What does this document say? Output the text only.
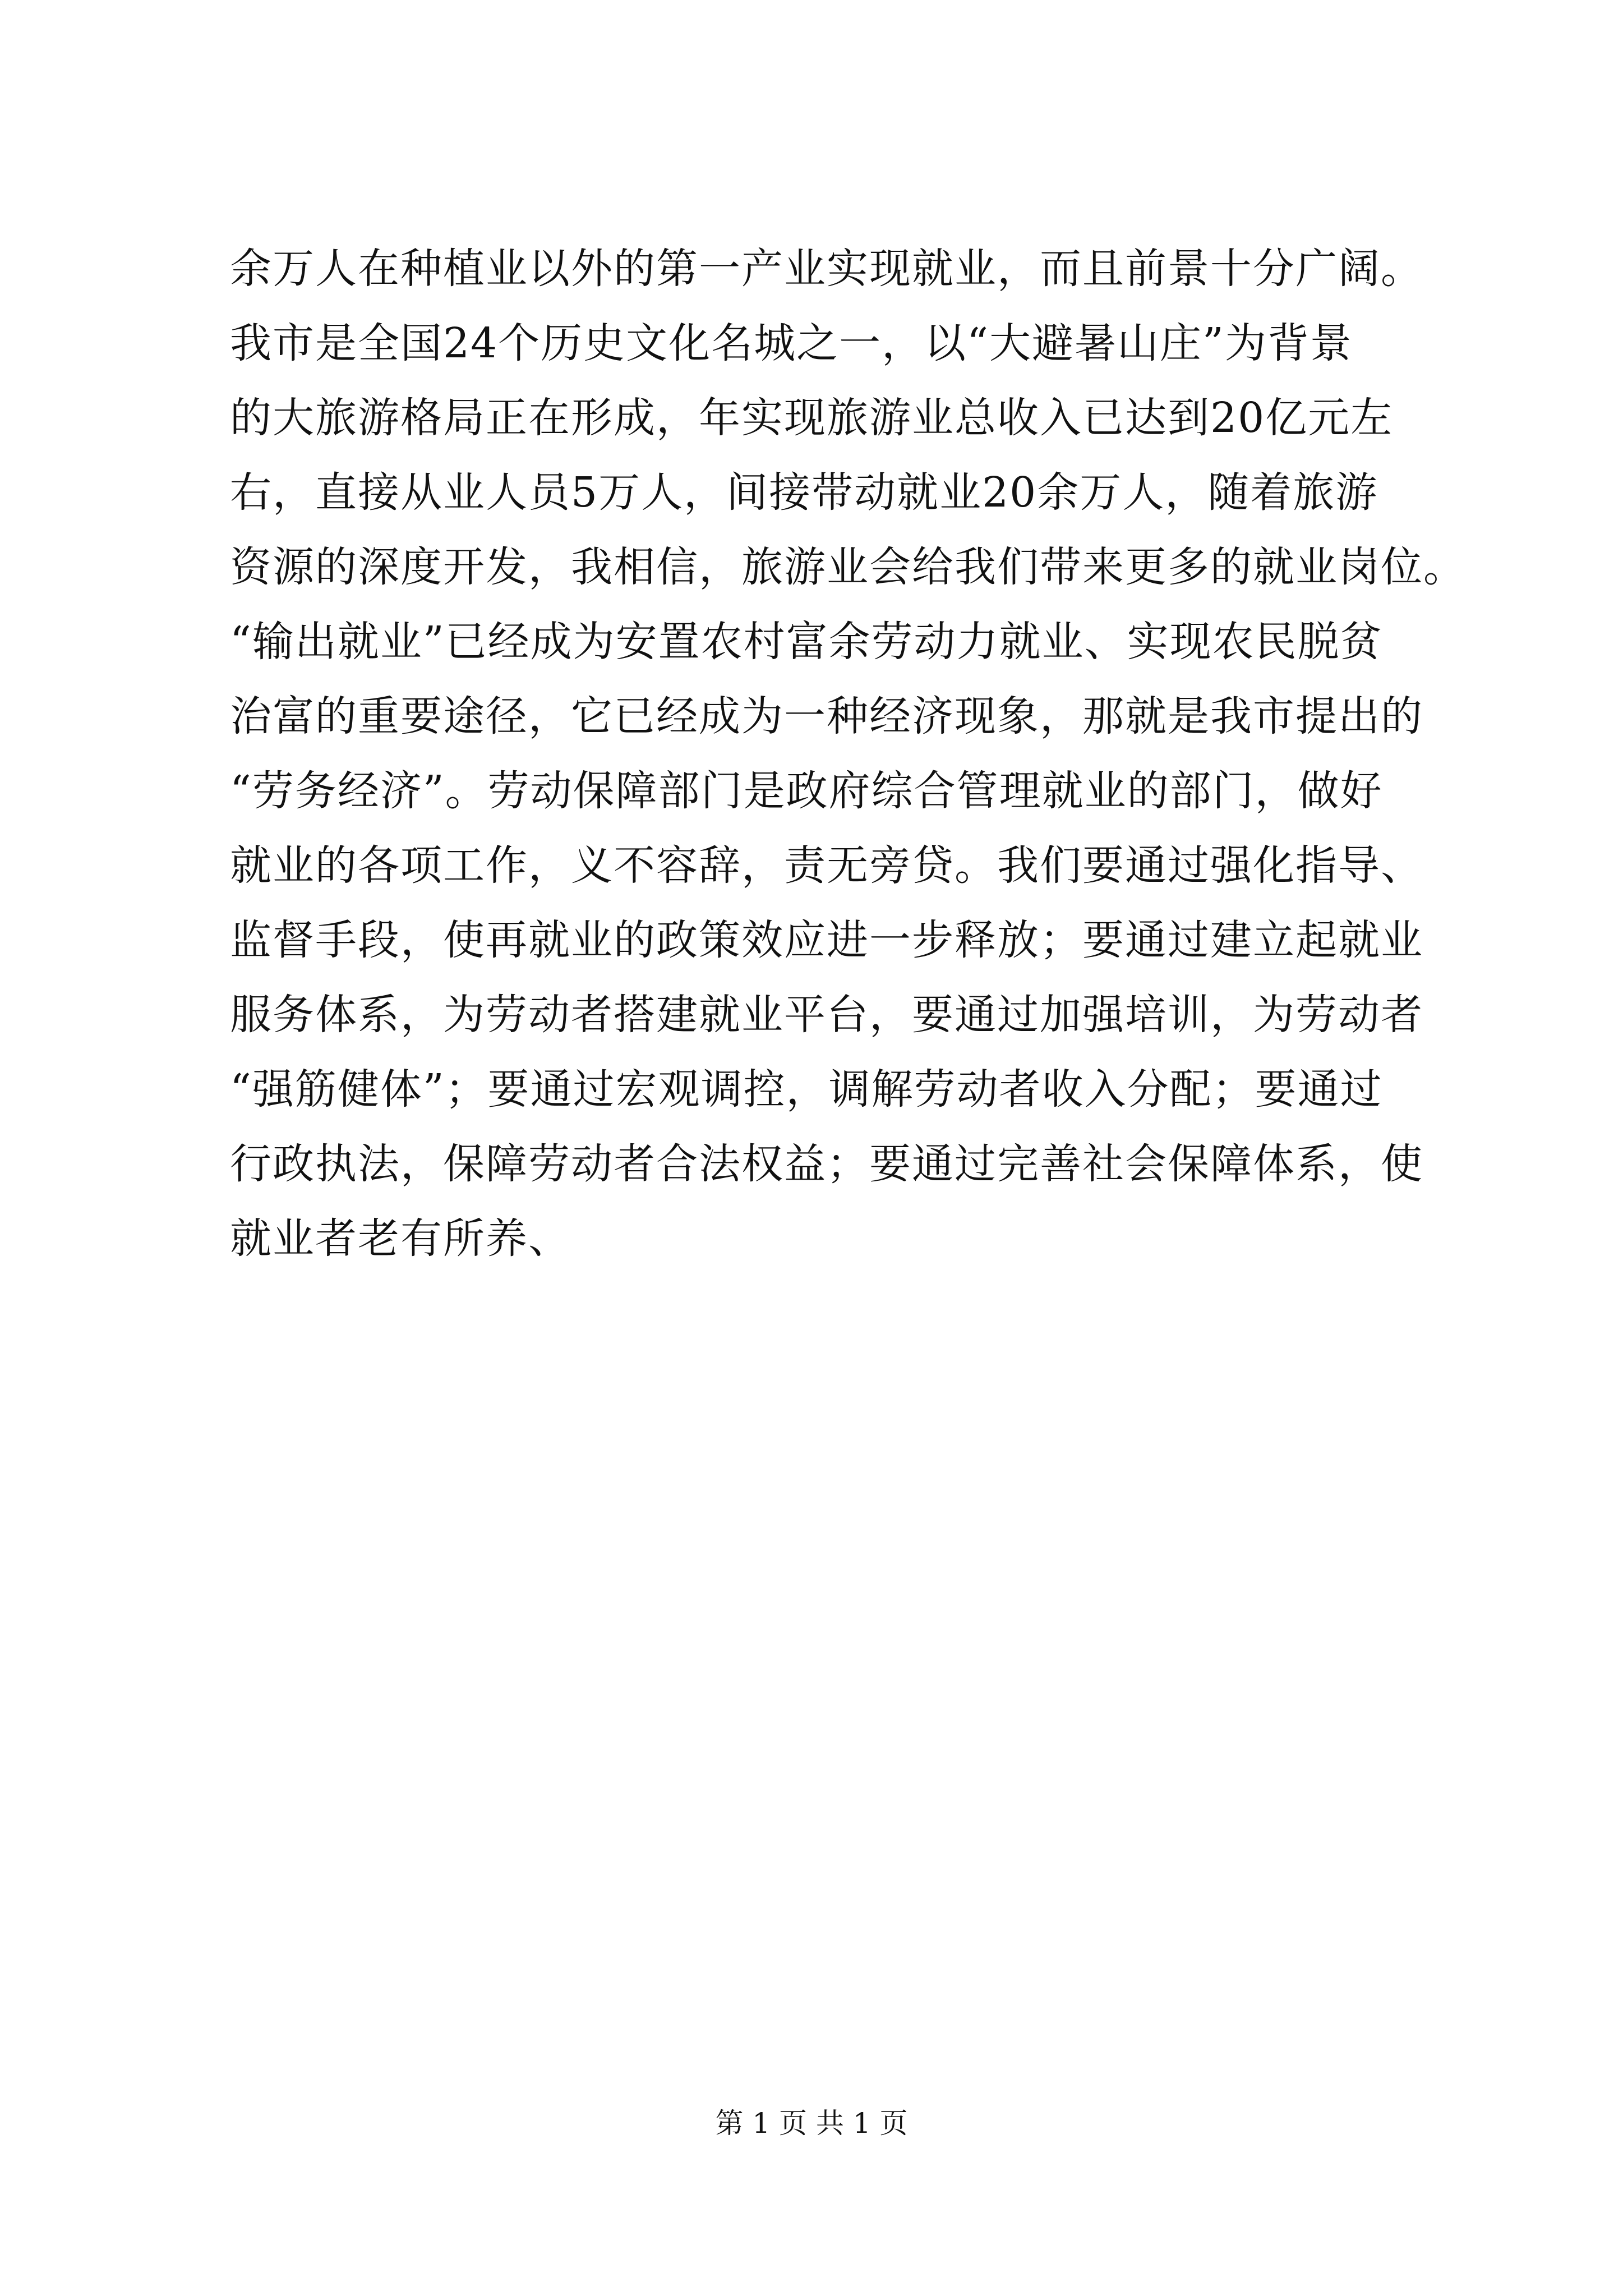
余万人在种植业以外的第一产业实现就业，而且前景十分广阔。
我市是全国24个历史文化名城之一，以“大避暑山庄”为背景
的大旅游格局正在形成，年实现旅游业总收入已达到20亿元左
右，直接从业人员5万人，间接带动就业20余万人，随着旅游
资源的深度开发，我相信，旅游业会给我们带来更多的就业岗位。
“输出就业”已经成为安置农村富余劳动力就业、实现农民脱贫
治富的重要途径，它已经成为一种经济现象，那就是我市提出的
“劳务经济”。劳动保障部门是政府综合管理就业的部门，做好
就业的各项工作，义不容辞，责无旁贷。我们要通过强化指导、
监督手段，使再就业的政策效应进一步释放；要通过建立起就业
服务体系，为劳动者搭建就业平台，要通过加强培训，为劳动者
“强筋健体”；要通过宏观调控，调解劳动者收入分配；要通过
行政执法，保障劳动者合法权益；要通过完善社会保障体系，使
就业者老有所养、
第 1 页 共 1 页
